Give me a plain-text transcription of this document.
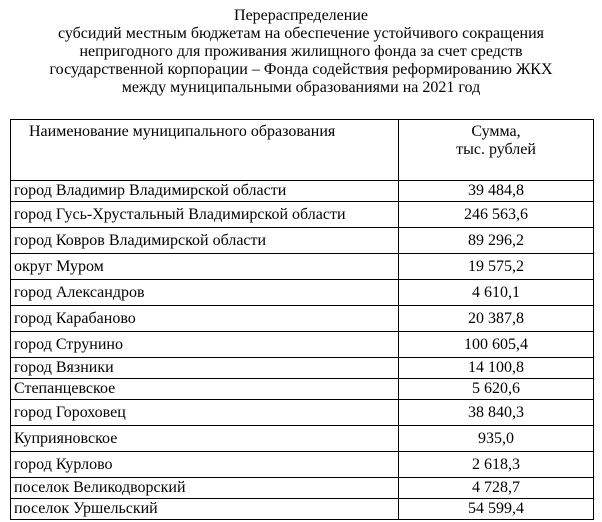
Перераспределение
субсидий местным бюджетам на обеспечение устойчивого сокращения
непригодного для проживания жилищного фонда за счет средств
государственной корпорации – Фонда содействия реформированию ЖКХ
между муниципальными образованиями на 2021 год
Наименование муниципального образования	Сумма,
тыс. рублей

город Владимир Владимирской области	39 484,8
город Гусь-Хрустальный Владимирской области	246 563,6
город Ковров Владимирской области	89 296,2
округ Муром	19 575,2
город Александров	4 610,1
город Карабаново	20 387,8
город Струнино	100 605,4
город Вязники	14 100,8
Степанцевское	5 620,6
город Гороховец	38 840,3
Куприяновское	935,0
город Курлово	2 618,3
поселок Великодворский	4 728,7
поселок Уршельский	54 599,4
